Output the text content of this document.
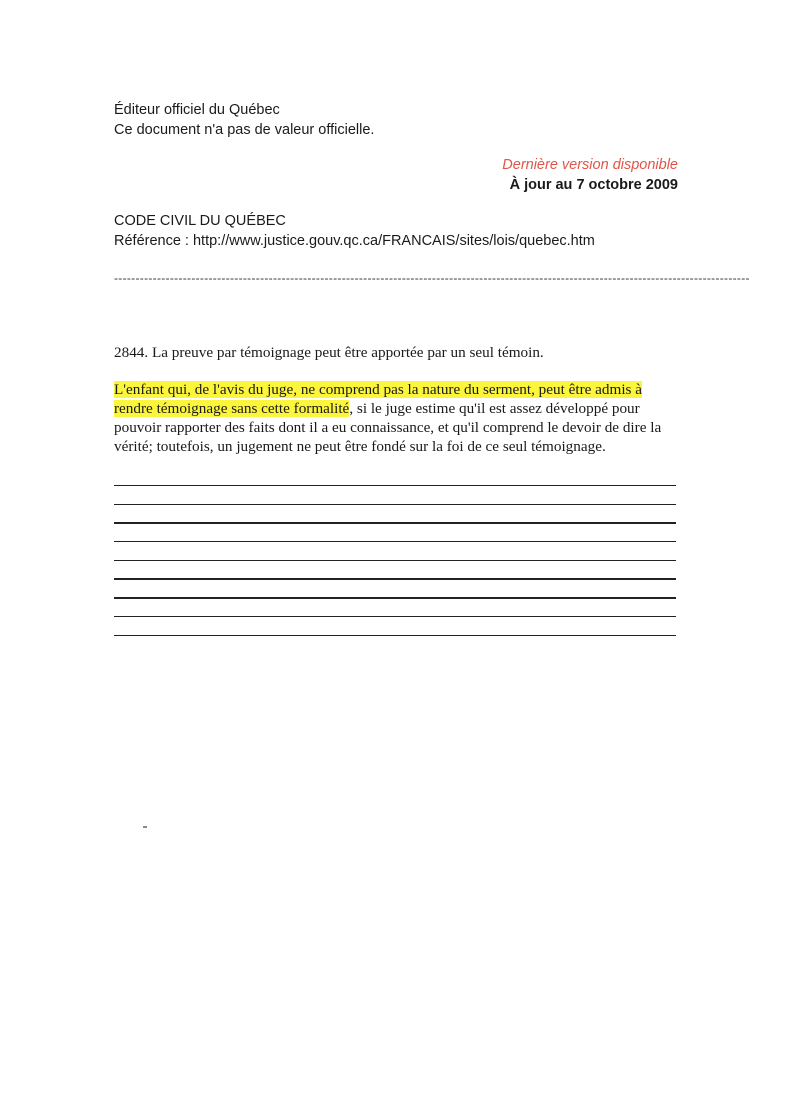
Éditeur officiel du Québec
Ce document n'a pas de valeur officielle.
Dernière version disponible
À jour au 7 octobre 2009
CODE CIVIL DU QUÉBEC
Référence : http://www.justice.gouv.qc.ca/FRANCAIS/sites/lois/quebec.htm
----------------------------------------------------------------------------------------------------------------------------------------------------

2844. La preuve par témoignage peut être apportée par un seul témoin.

L'enfant qui, de l'avis du juge, ne comprend pas la nature du serment, peut être admis à rendre témoignage sans cette formalité, si le juge estime qu'il est assez développé pour pouvoir rapporter des faits dont il a eu connaissance, et qu'il comprend le devoir de dire la vérité; toutefois, un jugement ne peut être fondé sur la foi de ce seul témoignage.
